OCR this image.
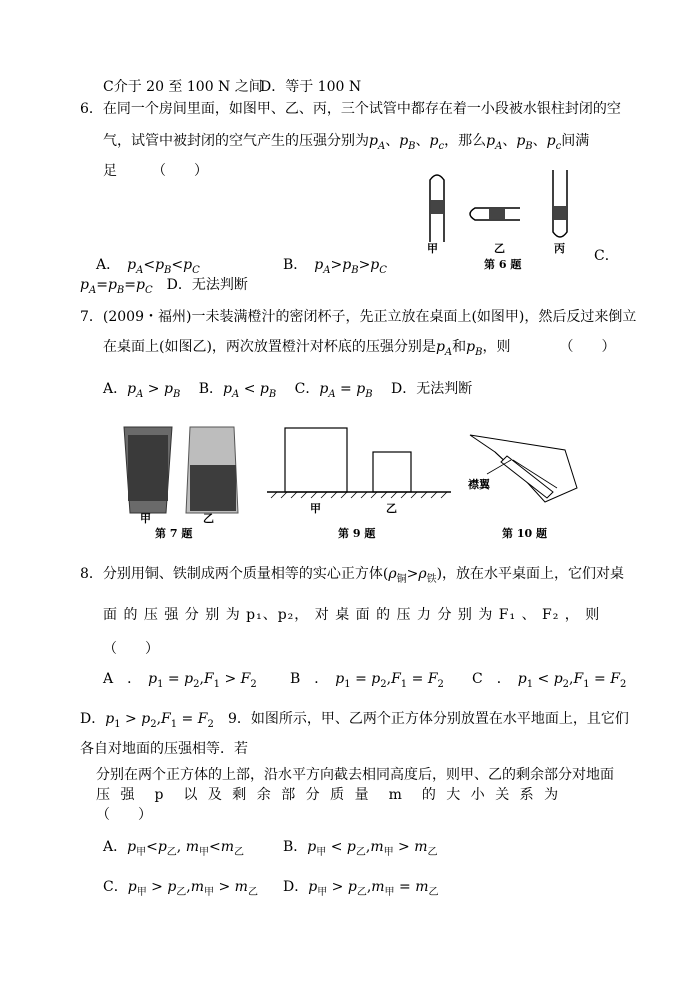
C介于 20 至 100 N 之间
D．等于 100 N
6．在同一个房间里面，如图甲、乙、丙，三个试管中都存在着一小段被水银柱封闭的空
气，试管中被封闭的空气产生的压强分别为$p_A$、$p_B$、$p_c$，那么$p_A$、$p_B$、$p_c$间满
足　　　（　　）
甲	乙	丙
第 6 题
A．　 $p_A<p_B<p_C$	B．　 $p_A>p_B>p_C$
C．
$p_A=p_B=p_C$　 D．无法判断
7．(2009・福州)一未装满橙汁的密闭杯子，先正立放在桌面上(如图甲)，然后反过来倒立
在桌面上(如图乙)，两次放置橙汁对杯底的压强分别是$p_A$和$p_B$，则　　　　（　　）
A．$p_A > p_B$　 B．$p_A < p_B$　 C．$p_A = p_B$　 D．无法判断
甲	乙
第 7 题
甲	乙
第 9 题
襟翼
第 10 题
8．分别用铜、铁制成两个质量相等的实心正方体$(\rho_铜>\rho_铁)$，放在水平桌面上，它们对桌
面 的 压 强 分 别 为 p₁、p₂， 对 桌 面 的 压 力 分 别 为 F₁ 、 F₂ ， 则
（　　）
A　．　 $p_1 = p_2,F_1 > F_2$ B　．　 $p_1 = p_2,F_1 = F_2$ C　．　 $p_1 < p_2,F_1 = F_2$
D．$p_1 > p_2,F_1 = F_2$ 9．如图所示，甲、乙两个正方体分别放置在水平地面上，且它们
各自对地面的压强相等．若
分别在两个正方体的上部，沿水平方向截去相同高度后，则甲、乙的剩余部分对地面
压 强　p　以 及 剩 余 部 分 质 量　m　的 大 小 关 系 为
（　　）
A．$p_甲<p_乙$, $m_甲<m_乙$	B．$p_甲 < p_乙,m_甲 > m_乙$
C．$p_甲 > p_乙,m_甲 > m_乙$ D．$p_甲 > p_乙,m_甲 = m_乙$
